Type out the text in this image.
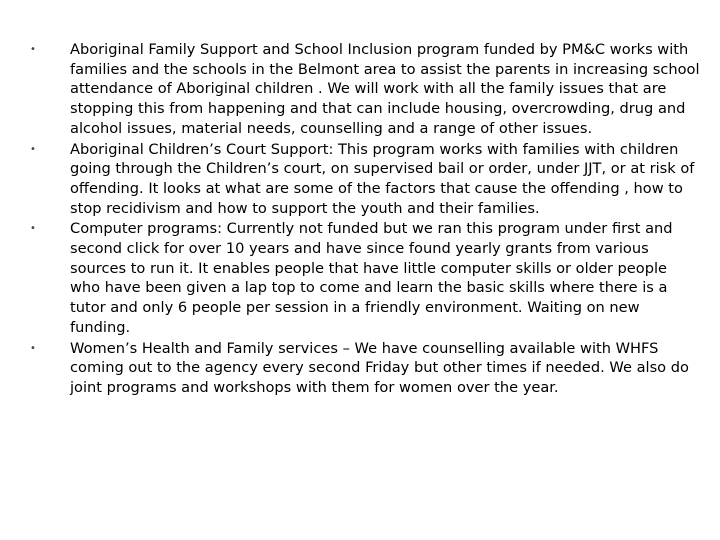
• Aboriginal Family Support and School Inclusion program funded by PM&C works with families and the schools in the Belmont area to assist the parents in increasing school attendance of Aboriginal children . We will work with all the family issues that are stopping this from happening and that can include housing, overcrowding, drug and alcohol issues, material needs, counselling and a range of other issues.
• Aboriginal Children’s Court Support: This program works with families with children going through the Children’s court, on supervised bail or order, under JJT, or at risk of offending. It looks at what are some of the factors that cause the offending , how to stop recidivism and how to support the youth and their families.
• Computer programs: Currently not funded but we ran this program under first and second click for over 10 years and have since found yearly grants from various sources to run it. It enables people that have little computer skills or older people who have been given a lap top to come and learn the basic skills where there is a tutor and only 6 people per session in a friendly environment. Waiting on new funding.
• Women’s Health and Family services – We have counselling available with WHFS coming out to the agency every second Friday but other times if needed. We also do joint programs and workshops with them for women over the year.
